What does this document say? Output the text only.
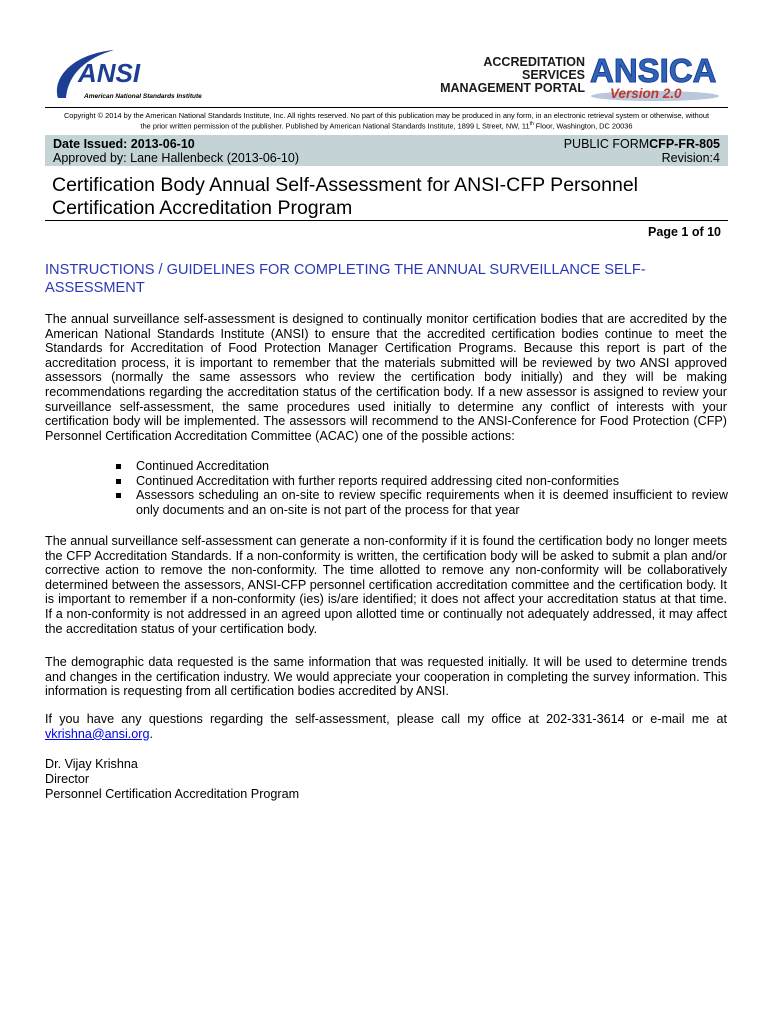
ANSI
American National Standards Institute
ACCREDITATION SERVICES
MANAGEMENT PORTAL ANSICA
Version 2.0
Copyright © 2014 by the American National Standards Institute, Inc. All rights reserved. No part of this publication may be produced in any form, in an electronic retrieval system or otherwise, without
the prior written permission of the publisher. Published by American National Standards Institute, 1899 L Street, NW, 11th Floor, Washington, DC 20036
Date Issued: 2013-06-10
Approved by: Lane Hallenbeck (2013-06-10)
PUBLIC FORMCFP-FR-805
Revision:4
Certification Body Annual Self-Assessment for ANSI-CFP Personnel
Certification Accreditation Program
Page 1 of 10
INSTRUCTIONS / GUIDELINES FOR COMPLETING THE ANNUAL SURVEILLANCE SELF-
ASSESSMENT
The annual surveillance self-assessment is designed to continually monitor certification bodies that are accredited by the American National Standards Institute (ANSI) to ensure that the accredited certification bodies continue to meet the Standards for Accreditation of Food Protection Manager Certification Programs. Because this report is part of the accreditation process, it is important to remember that the materials submitted will be reviewed by two ANSI approved assessors (normally the same assessors who review the certification body initially) and they will be making recommendations regarding the accreditation status of the certification body. If a new assessor is assigned to review your surveillance self-assessment, the same procedures used initially to determine any conflict of interests with your certification body will be implemented. The assessors will recommend to the ANSI-Conference for Food Protection (CFP) Personnel Certification Accreditation Committee (ACAC) one of the possible actions:
Continued Accreditation
Continued Accreditation with further reports required addressing cited non-conformities
Assessors scheduling an on-site to review specific requirements when it is deemed insufficient to review only documents and an on-site is not part of the process for that year
The annual surveillance self-assessment can generate a non-conformity if it is found the certification body no longer meets the CFP Accreditation Standards. If a non-conformity is written, the certification body will be asked to submit a plan and/or corrective action to remove the non-conformity. The time allotted to remove any non-conformity will be collaboratively determined between the assessors, ANSI-CFP personnel certification accreditation committee and the certification body. It is important to remember if a non-conformity (ies) is/are identified; it does not affect your accreditation status at that time. If a non-conformity is not addressed in an agreed upon allotted time or continually not adequately addressed, it may affect the accreditation status of your certification body.
The demographic data requested is the same information that was requested initially. It will be used to determine trends and changes in the certification industry. We would appreciate your cooperation in completing the survey information. This information is requesting from all certification bodies accredited by ANSI.
If you have any questions regarding the self-assessment, please call my office at 202-331-3614 or e-mail me at vkrishna@ansi.org.
Dr. Vijay Krishna
Director
Personnel Certification Accreditation Program
